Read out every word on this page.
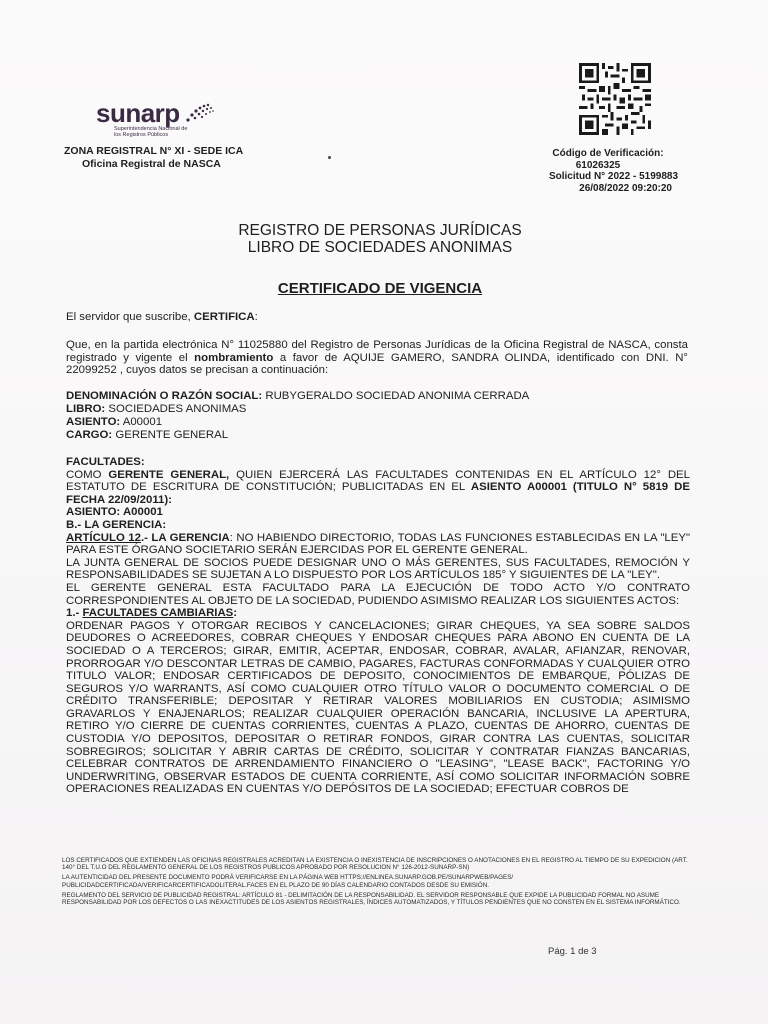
sunarp
Superintendencia Nacional de los Registros Públicos
ZONA REGISTRAL N° XI - SEDE ICA
Oficina Registral de NASCA
Código de Verificación:
61026325
Solicitud N° 2022 - 5199883
26/08/2022 09:20:20
REGISTRO DE PERSONAS JURÍDICAS
LIBRO DE SOCIEDADES ANONIMAS
CERTIFICADO DE VIGENCIA
El servidor que suscribe, CERTIFICA:
Que, en la partida electrónica N° 11025880 del Registro de Personas Jurídicas de la Oficina Registral de NASCA, consta registrado y vigente el nombramiento a favor de AQUIJE GAMERO, SANDRA OLINDA, identificado con DNI. N° 22099252 , cuyos datos se precisan a continuación:

DENOMINACIÓN O RAZÓN SOCIAL: RUBYGERALDO SOCIEDAD ANONIMA CERRADA

LIBRO: SOCIEDADES ANONIMAS

ASIENTO: A00001

CARGO: GERENTE GENERAL

FACULTADES:

COMO GERENTE GENERAL, QUIEN EJERCERÁ LAS FACULTADES CONTENIDAS EN EL ARTÍCULO 12° DEL ESTATUTO DE ESCRITURA DE CONSTITUCIÓN; PUBLICITADAS EN EL ASIENTO A00001 (TITULO N° 5819 DE FECHA 22/09/2011):

ASIENTO: A00001

B.- LA GERENCIA:

ARTÍCULO 12.- LA GERENCIA: NO HABIENDO DIRECTORIO, TODAS LAS FUNCIONES ESTABLECIDAS EN LA "LEY" PARA ESTE ÓRGANO SOCIETARIO SERÁN EJERCIDAS POR EL GERENTE GENERAL.

LA JUNTA GENERAL DE SOCIOS PUEDE DESIGNAR UNO O MÁS GERENTES, SUS FACULTADES, REMOCIÓN Y RESPONSABILIDADES SE SUJETAN A LO DISPUESTO POR LOS ARTÍCULOS 185° Y SIGUIENTES DE LA "LEY".

EL GERENTE GENERAL ESTA FACULTADO PARA LA EJECUCIÓN DE TODO ACTO Y/O CONTRATO CORRESPONDIENTES AL OBJETO DE LA SOCIEDAD, PUDIENDO ASIMISMO REALIZAR LOS SIGUIENTES ACTOS:

1.- FACULTADES CAMBIARIAS:

ORDENAR PAGOS Y OTORGAR RECIBOS Y CANCELACIONES; GIRAR CHEQUES, YA SEA SOBRE SALDOS DEUDORES O ACREEDORES, COBRAR CHEQUES Y ENDOSAR CHEQUES PARA ABONO EN CUENTA DE LA SOCIEDAD O A TERCEROS; GIRAR, EMITIR, ACEPTAR, ENDOSAR, COBRAR, AVALAR, AFIANZAR, RENOVAR, PRORROGAR Y/O DESCONTAR LETRAS DE CAMBIO, PAGARES, FACTURAS CONFORMADAS Y CUALQUIER OTRO TITULO VALOR; ENDOSAR CERTIFICADOS DE DEPOSITO, CONOCIMIENTOS DE EMBARQUE, PÓLIZAS DE SEGUROS Y/O WARRANTS, ASÍ COMO CUALQUIER OTRO TÍTULO VALOR O DOCUMENTO COMERCIAL O DE CRÉDITO TRANSFERIBLE; DEPOSITAR Y RETIRAR VALORES MOBILIARIOS EN CUSTODIA; ASIMISMO GRAVARLOS Y ENAJENARLOS; REALIZAR CUALQUIER OPERACIÓN BANCARIA, INCLUSIVE LA APERTURA, RETIRO Y/O CIERRE DE CUENTAS CORRIENTES, CUENTAS A PLAZO, CUENTAS DE AHORRO, CUENTAS DE CUSTODIA Y/O DEPOSITOS, DEPOSITAR O RETIRAR FONDOS, GIRAR CONTRA LAS CUENTAS, SOLICITAR SOBREGIROS; SOLICITAR Y ABRIR CARTAS DE CRÉDITO, SOLICITAR Y CONTRATAR FIANZAS BANCARIAS, CELEBRAR CONTRATOS DE ARRENDAMIENTO FINANCIERO O "LEASING", "LEASE BACK", FACTORING Y/O UNDERWRITING, OBSERVAR ESTADOS DE CUENTA CORRIENTE, ASÍ COMO SOLICITAR INFORMACIÓN SOBRE OPERACIONES REALIZADAS EN CUENTAS Y/O DEPÓSITOS DE LA SOCIEDAD; EFECTUAR COBROS DE

LOS CERTIFICADOS QUE EXTIENDEN LAS OFICINAS REGISTRALES ACREDITAN LA EXISTENCIA O INEXISTENCIA DE INSCRIPCIONES O ANOTACIONES EN EL REGISTRO AL TIEMPO DE SU EXPEDICION (ART. 140° DEL T.U.O DEL REGLAMENTO GENERAL DE LOS REGISTROS PUBLICOS APROBADO POR RESOLUCION N° 126-2012-SUNARP-SN)

LA AUTENTICIDAD DEL PRESENTE DOCUMENTO PODRÁ VERIFICARSE EN LA PÁGINA WEB HTTPS://ENLINEA.SUNARP.GOB.PE/SUNARPWEB/PAGES/ PUBLICIDADCERTIFICADA/VERIFICARCERTIFICADOLITERAL.FACES EN EL PLAZO DE 90 DÍAS CALENDARIO CONTADOS DESDE SU EMISIÓN.

REGLAMENTO DEL SERVICIO DE PUBLICIDAD REGISTRAL: ARTÍCULO 81 - DELIMITACIÓN DE LA RESPONSABILIDAD. EL SERVIDOR RESPONSABLE QUE EXPIDE LA PUBLICIDAD FORMAL NO ASUME RESPONSABILIDAD POR LOS DEFECTOS O LAS INEXACTITUDES DE LOS ASIENTOS REGISTRALES, ÍNDICES AUTOMATIZADOS, Y TÍTULOS PENDIENTES QUE NO CONSTEN EN EL SISTEMA INFORMÁTICO.

Pág. 1 de 3
